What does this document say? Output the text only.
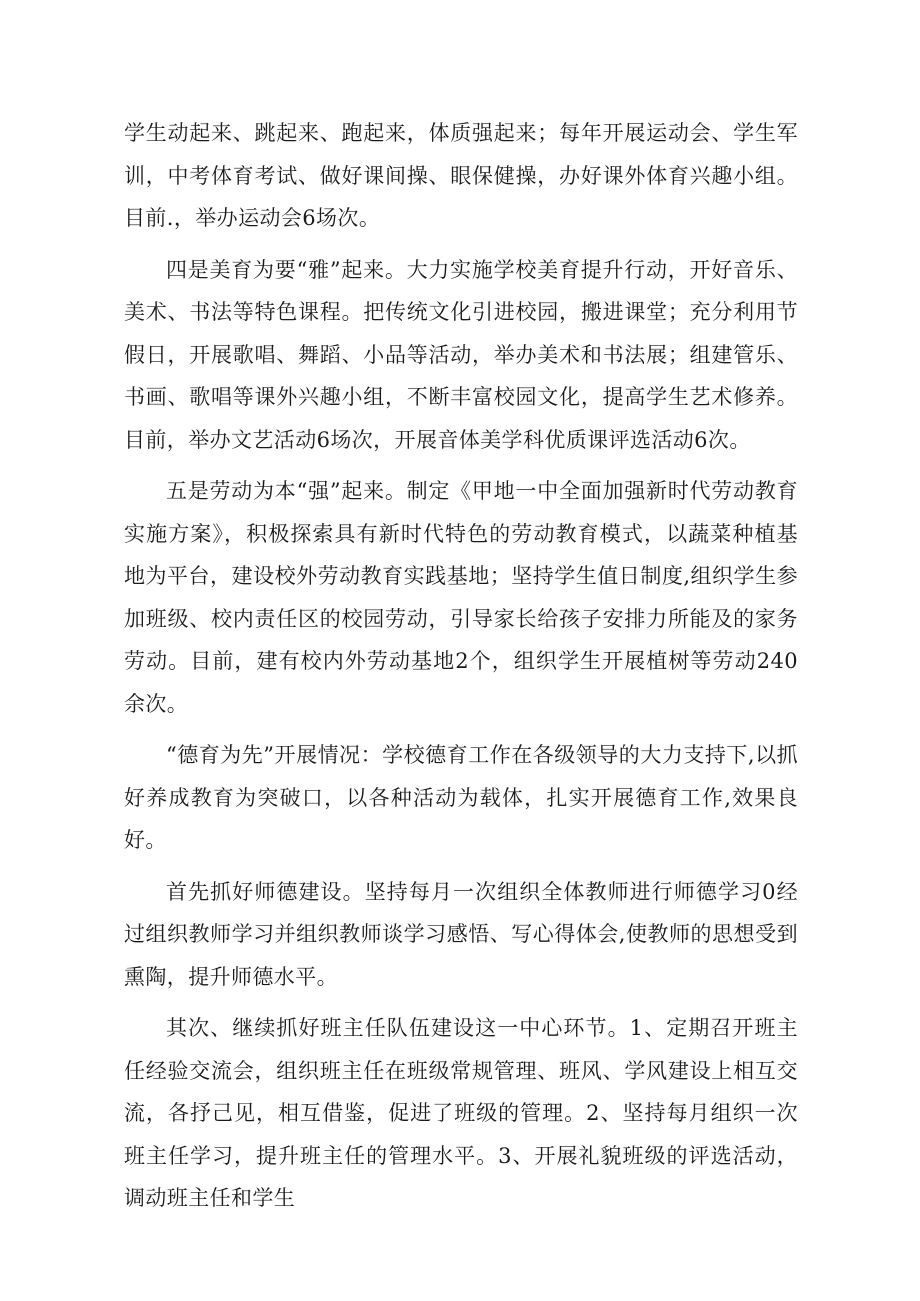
学生动起来、跳起来、跑起来，体质强起来；每年开展运动会、学生军训，中考体育考试、做好课间操、眼保健操，办好课外体育兴趣小组。目前.，举办运动会6场次。

四是美育为要“雅”起来。大力实施学校美育提升行动，开好音乐、美术、书法等特色课程。把传统文化引进校园，搬进课堂；充分利用节假日，开展歌唱、舞蹈、小品等活动，举办美术和书法展；组建管乐、书画、歌唱等课外兴趣小组，不断丰富校园文化，提高学生艺术修养。目前，举办文艺活动6场次，开展音体美学科优质课评选活动6次。

五是劳动为本“强”起来。制定《甲地一中全面加强新时代劳动教育实施方案》，积极探索具有新时代特色的劳动教育模式，以蔬菜种植基地为平台，建设校外劳动教育实践基地；坚持学生值日制度,组织学生参加班级、校内责任区的校园劳动，引导家长给孩子安排力所能及的家务劳动。目前，建有校内外劳动基地2个，组织学生开展植树等劳动240余次。

“德育为先”开展情况：学校德育工作在各级领导的大力支持下,以抓好养成教育为突破口，以各种活动为载体，扎实开展德育工作,效果良好。

首先抓好师德建设。坚持每月一次组织全体教师进行师德学习0经过组织教师学习并组织教师谈学习感悟、写心得体会,使教师的思想受到熏陶，提升师德水平。

其次、继续抓好班主任队伍建设这一中心环节。1、定期召开班主任经验交流会，组织班主任在班级常规管理、班风、学风建设上相互交流，各抒己见，相互借鉴，促进了班级的管理。2、坚持每月组织一次班主任学习，提升班主任的管理水平。3、开展礼貌班级的评选活动，调动班主任和学生
